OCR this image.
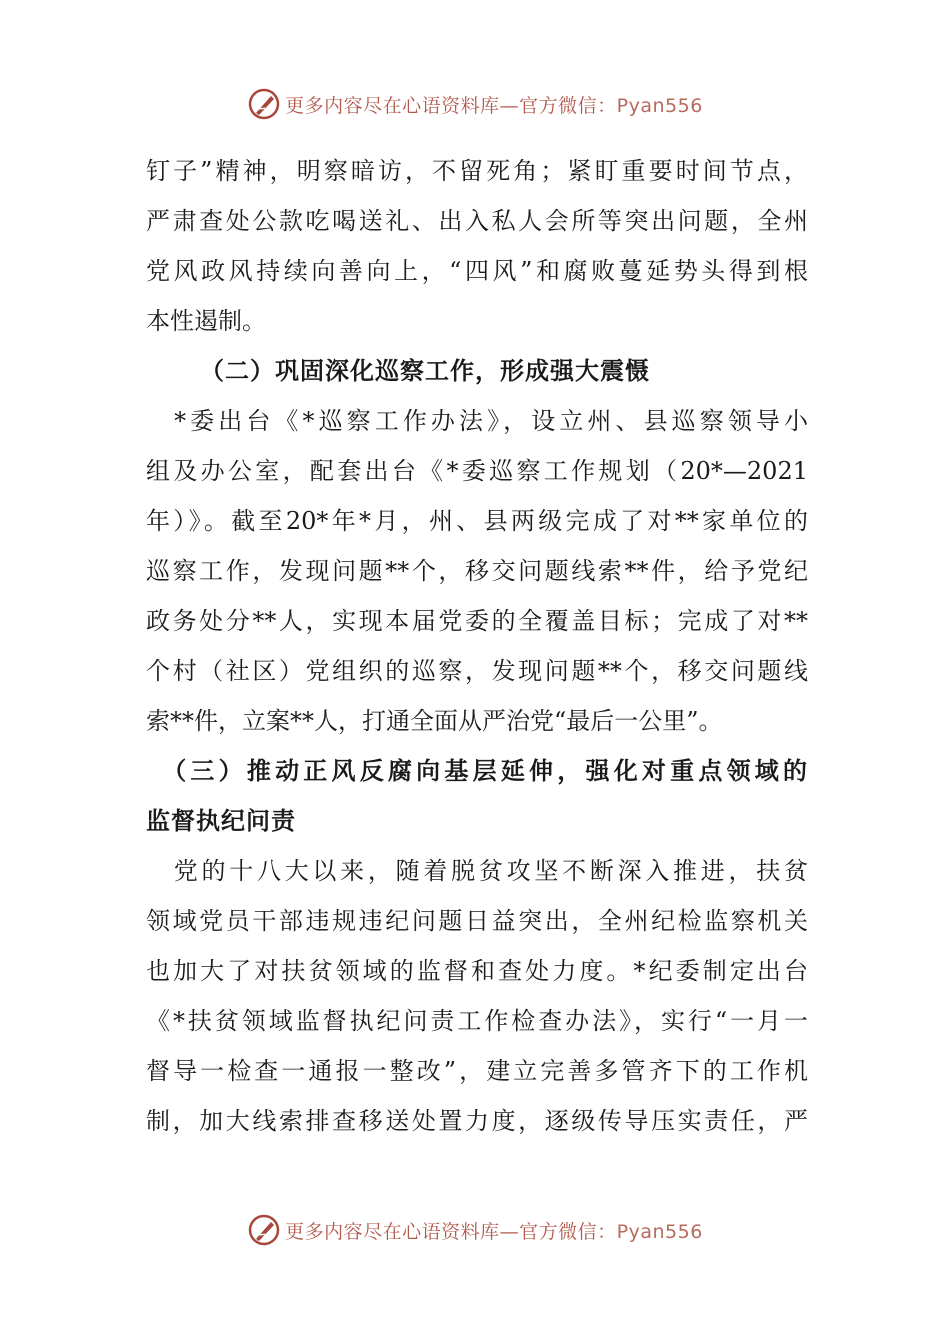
更多内容尽在心语资料库—官方微信：Pyan556
钉子”精神，明察暗访，不留死角；紧盯重要时间节点，
严肃查处公款吃喝送礼、出入私人会所等突出问题，全州
党风政风持续向善向上，“四风”和腐败蔓延势头得到根
本性遏制。
（二）巩固深化巡察工作，形成强大震慑
　*委出台《*巡察工作办法》，设立州、县巡察领导小
组及办公室，配套出台《*委巡察工作规划（20*—2021
年）》。截至20*年*月，州、县两级完成了对**家单位的
巡察工作，发现问题**个，移交问题线索**件，给予党纪
政务处分**人，实现本届党委的全覆盖目标；完成了对**
个村（社区）党组织的巡察，发现问题**个，移交问题线
索**件，立案**人，打通全面从严治党“最后一公里”。
　（三）推动正风反腐向基层延伸，强化对重点领域的
监督执纪问责
　党的十八大以来，随着脱贫攻坚不断深入推进，扶贫
领域党员干部违规违纪问题日益突出，全州纪检监察机关
也加大了对扶贫领域的监督和查处力度。*纪委制定出台
《*扶贫领域监督执纪问责工作检查办法》，实行“一月一
督导一检查一通报一整改”，建立完善多管齐下的工作机
制，加大线索排查移送处置力度，逐级传导压实责任，严
更多内容尽在心语资料库—官方微信：Pyan556
